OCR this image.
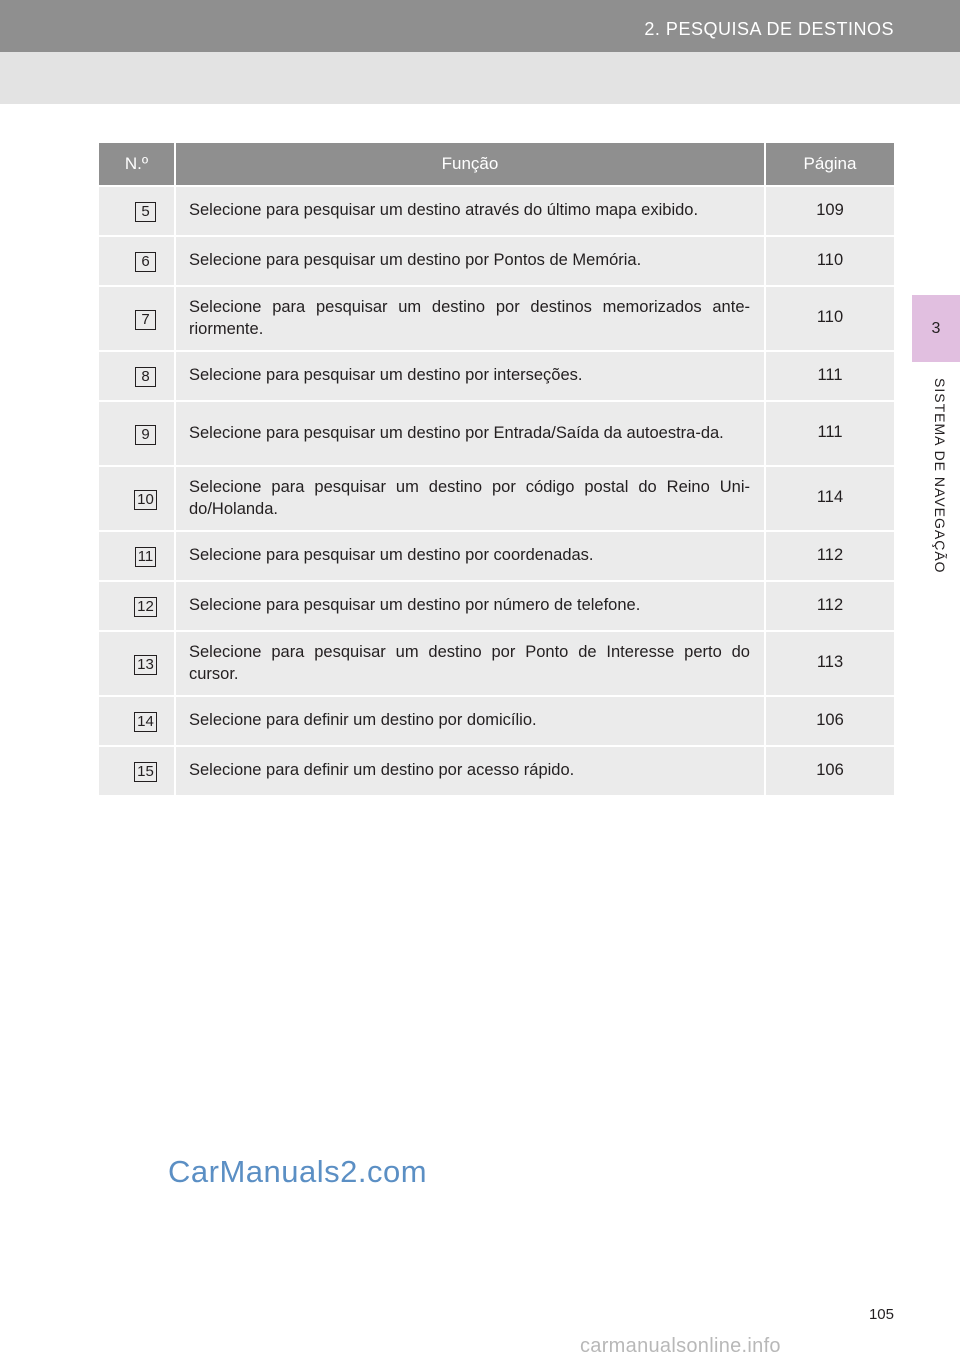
2. PESQUISA DE DESTINOS
3
SISTEMA DE NAVEGAÇÃO
N.º	Função	Página
5	Selecione para pesquisar um destino através do último mapa exibido.	109
6	Selecione para pesquisar um destino por Pontos de Memória.	110
7	Selecione para pesquisar um destino por destinos memorizados ante-riormente.	110
8	Selecione para pesquisar um destino por interseções.	111
9	Selecione para pesquisar um destino por Entrada/Saída da autoestra-da.	111
10	Selecione para pesquisar um destino por código postal do Reino Uni-do/Holanda.	114
11	Selecione para pesquisar um destino por coordenadas.	112
12	Selecione para pesquisar um destino por número de telefone.	112
13	Selecione para pesquisar um destino por Ponto de Interesse perto do cursor.	113
14	Selecione para definir um destino por domicílio.	106
15	Selecione para definir um destino por acesso rápido.	106
CarManuals2.com
105
carmanualsonline.info
